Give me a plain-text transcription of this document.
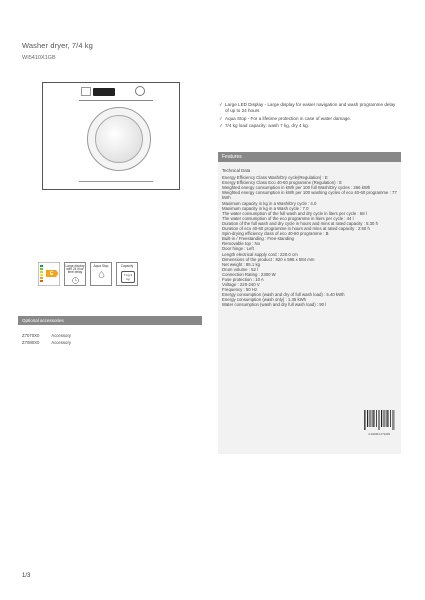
Washer dryer, 7/4 kg
WI5410X1GB
✓ Large LED Display - Large display for easier navigation and wash programme delay of up to 24 hours
✓ Aqua Stop - For a lifetime protection in case of water damage.
✓ 7/4 kg load capacity: wash 7 kg, dry 4 kg.
Features
Technical Data
Energy Efficiency Class Wash/Dry cycle(Regulation) : E
Energy Efficiency Class Eco 40-60 programme (Regulation) : E
Weighted energy consumption in kWh per 100 full Wash/Dry cycles : 266 kWh
Weighted energy consumption in kWh per 100 washing cycles of eco 40-60 programme : 77 kWh
Maximum capacity in kg in a Wash/Dry cycle : 4.0
Maximum capacity in kg in a Wash cycle : 7.0
The water consumption of the full wash and dry cycle in liters per cycle : 68 l
The water consumption of the eco programme in liters per cycle : 44 l
Duration of the full wash and dry cycle in hours and mins at rated capacity : 5:30 h
Duration of eco 40-60 programme in hours and mins at rated capacity : 2:50 h
Spin-drying efficiency class of eco 40-60 programme : B
Built-in / Freestanding : Free-standing
Removable top : No
Door hinge : Left
Length electrical supply cord : 220.0 cm
Dimensions of the product : 820 x 595 x 584 mm
Net weight : 85.1 kg
Drum volume : 52 l
Connection Rating : 2300 W
Fuse protection : 10 A
Voltage : 220-240 V
Frequency : 50 Hz
Energy consumption (wash and dry of full wash load) : 5.40 kWh
Energy consumption (wash only) : 1.35 kWh
Water consumption (wash and dry full wash load) : 90 l
4 242004 271209
E
Large display with 24 hour time delay
Aqua Stop	Capacity
7 kg 4 kg
Optional accessories
Z7070X0	Accessory
Z7080X0	Accessory
1/3
